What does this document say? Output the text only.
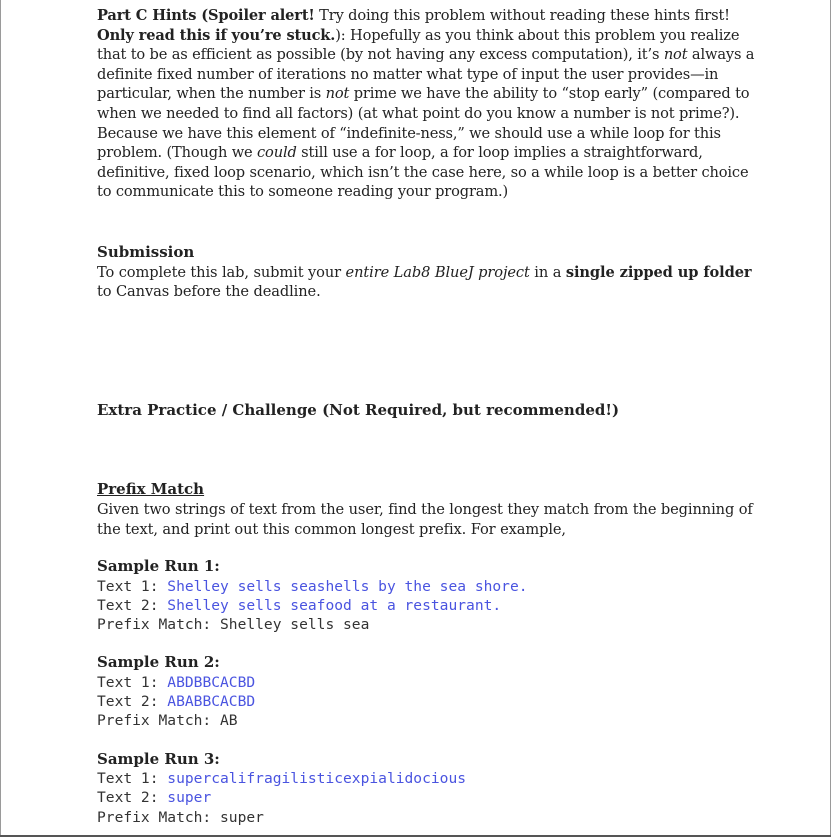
Part C Hints (Spoiler alert! Try doing this problem without reading these hints first! Only read this if you’re stuck.): Hopefully as you think about this problem you realize that to be as efficient as possible (by not having any excess computation), it’s not always a definite fixed number of iterations no matter what type of input the user provides—in particular, when the number is not prime we have the ability to “stop early” (compared to when we needed to find all factors) (at what point do you know a number is not prime?). Because we have this element of “indefinite-ness,” we should use a while loop for this problem. (Though we could still use a for loop, a for loop implies a straightforward, definitive, fixed loop scenario, which isn’t the case here, so a while loop is a better choice to communicate this to someone reading your program.)

Submission

To complete this lab, submit your entire Lab8 BlueJ project in a single zipped up folder to Canvas before the deadline.

Extra Practice / Challenge (Not Required, but recommended!)

Prefix Match

Given two strings of text from the user, find the longest they match from the beginning of the text, and print out this common longest prefix. For example,

Sample Run 1:

Text 1: Shelley sells seashells by the sea shore.

Text 2: Shelley sells seafood at a restaurant.

Prefix Match: Shelley sells sea

Sample Run 2:

Text 1: ABDBBCACBD

Text 2: ABABBCACBD

Prefix Match: AB

Sample Run 3:

Text 1: supercalifragilisticexpialidocious

Text 2: super

Prefix Match: super
